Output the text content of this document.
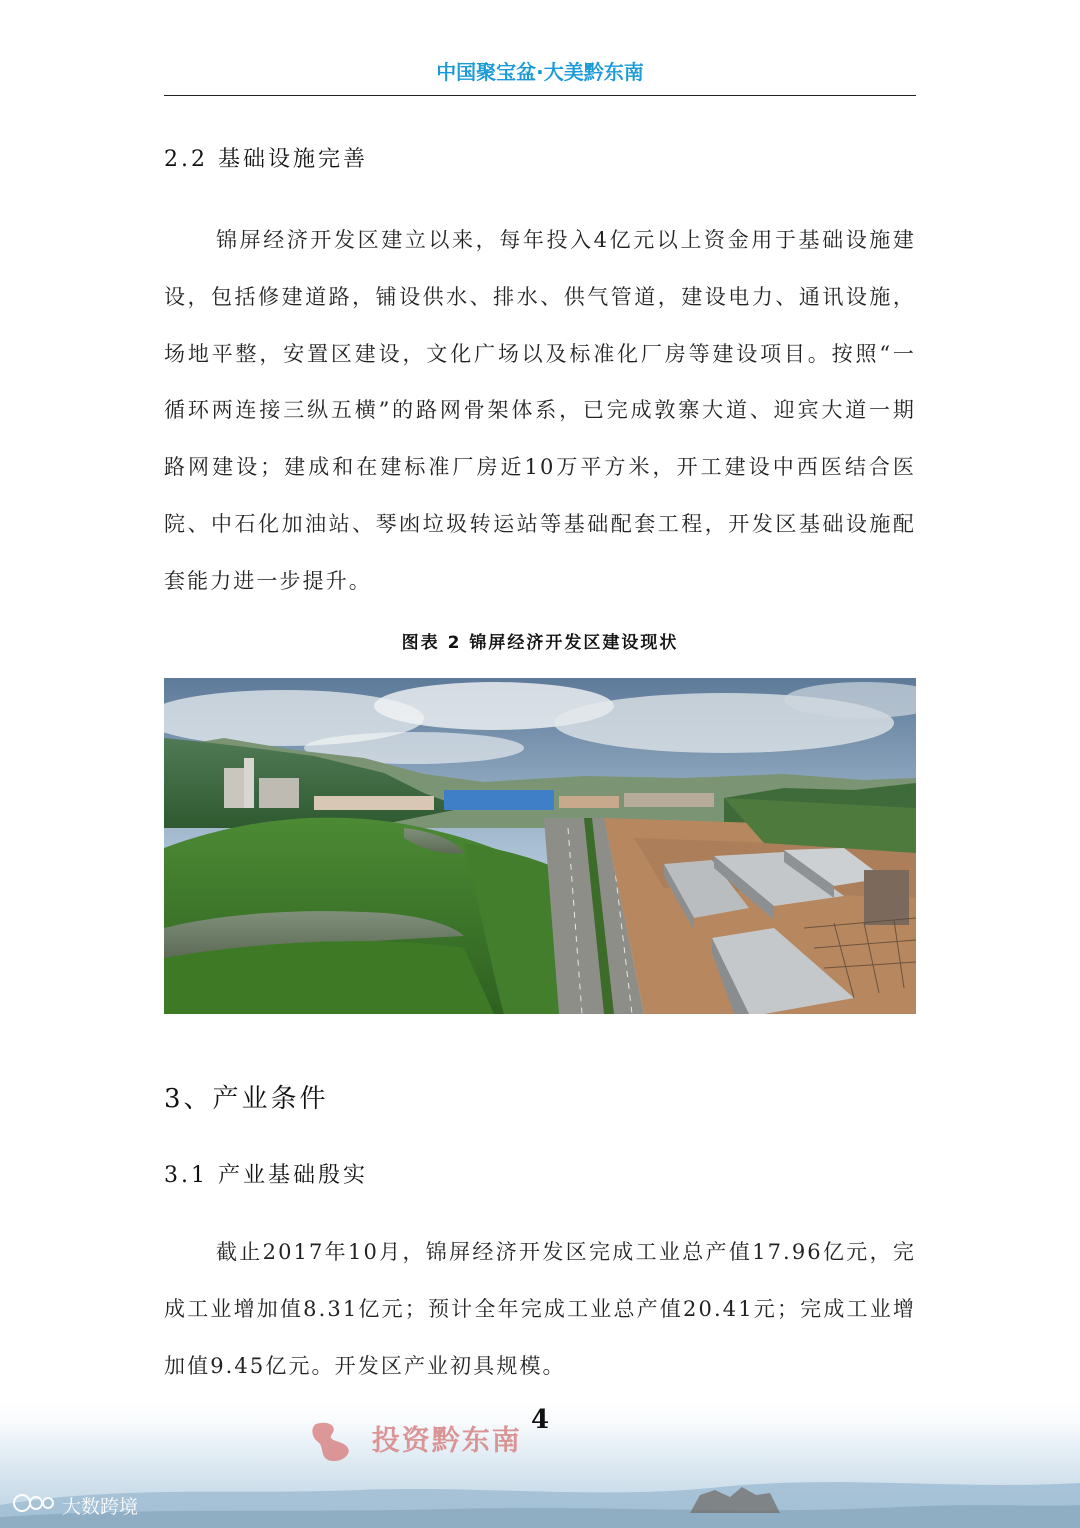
中国聚宝盆·大美黔东南
2.2 基础设施完善

锦屏经济开发区建立以来，每年投入4亿元以上资金用于基础设施建设，包括修建道路，铺设供水、排水、供气管道，建设电力、通讯设施，场地平整，安置区建设，文化广场以及标准化厂房等建设项目。按照“一循环两连接三纵五横”的路网骨架体系，已完成敦寨大道、迎宾大道一期路网建设；建成和在建标准厂房近10万平方米，开工建设中西医结合医院、中石化加油站、琴凼垃圾转运站等基础配套工程，开发区基础设施配套能力进一步提升。

图表 2 锦屏经济开发区建设现状
3、产业条件
3.1 产业基础殷实

截止2017年10月，锦屏经济开发区完成工业总产值17.96亿元，完成工业增加值8.31亿元；预计全年完成工业总产值20.41元；完成工业增加值9.45亿元。开发区产业初具规模。

4
投资黔东南
大数跨境
